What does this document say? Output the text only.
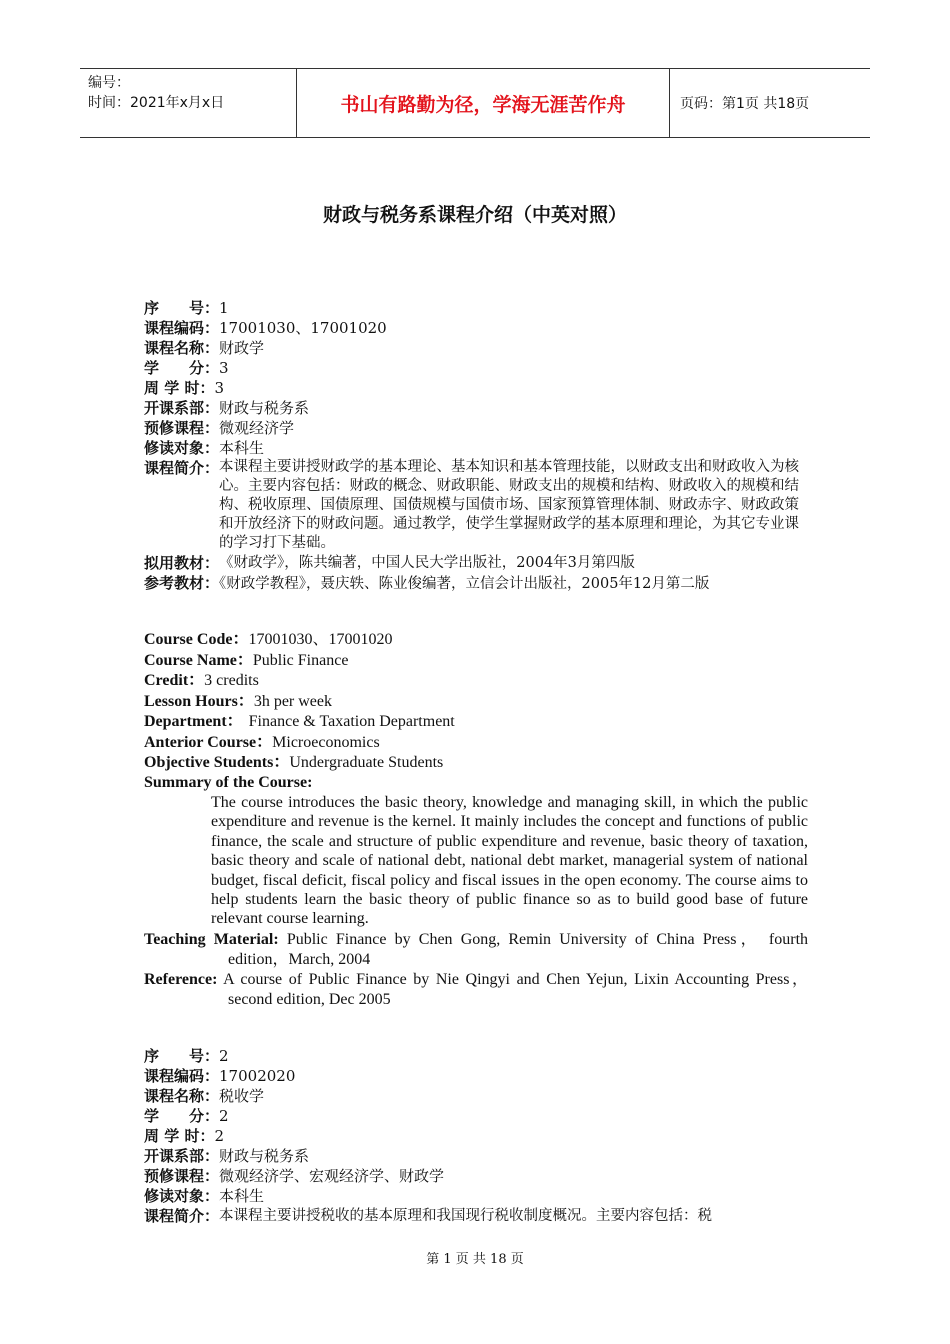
编号：
时间：2021年x月x日	书山有路勤为径，学海无涯苦作舟	页码：第1页 共18页
财政与税务系课程介绍（中英对照）
序　　号： 1
课程编码： 17001030、17001020
课程名称： 财政学
学　　分： 3
周 学 时： 3
开课系部： 财政与税务系
预修课程： 微观经济学
修读对象： 本科生
课程简介： 本课程主要讲授财政学的基本理论、基本知识和基本管理技能，以财政支出和财政收入为核心。主要内容包括：财政的概念、财政职能、财政支出的规模和结构、财政收入的规模和结构、税收原理、国债原理、国债规模与国债市场、国家预算管理体制、财政赤字、财政政策和开放经济下的财政问题。通过教学，使学生掌握财政学的基本原理和理论，为其它专业课的学习打下基础。
拟用教材： 《财政学》，陈共编著，中国人民大学出版社，2004年3月第四版
参考教材：《财政学教程》，聂庆轶、陈业俊编著，立信会计出版社，2005年12月第二版
Course Code： 17001030、17001020
Course Name： Public Finance
Credit： 3 credits
Lesson Hours： 3h per week
Department： Finance & Taxation Department
Anterior Course： Microeconomics
Objective Students： Undergraduate Students
Summary of the Course:
The course introduces the basic theory, knowledge and managing skill, in which the public expenditure and revenue is the kernel. It mainly includes the concept and functions of public finance, the scale and structure of public expenditure and revenue, basic theory of taxation, basic theory and scale of national debt, national debt market, managerial system of national budget, fiscal deficit, fiscal policy and fiscal issues in the open economy. The course aims to help students learn the basic theory of public finance so as to build good base of future relevant course learning.
Teaching Material: Public Finance by Chen Gong, Remin University of China Press， fourth edition，March, 2004
Reference: A course of Public Finance by Nie Qingyi and Chen Yejun, Lixin Accounting Press，second edition, Dec 2005
序　　号： 2
课程编码： 17002020
课程名称： 税收学
学　　分： 2
周 学 时： 2
开课系部： 财政与税务系
预修课程： 微观经济学、宏观经济学、财政学
修读对象： 本科生
课程简介： 本课程主要讲授税收的基本原理和我国现行税收制度概况。主要内容包括：税
第 1 页 共 18 页
